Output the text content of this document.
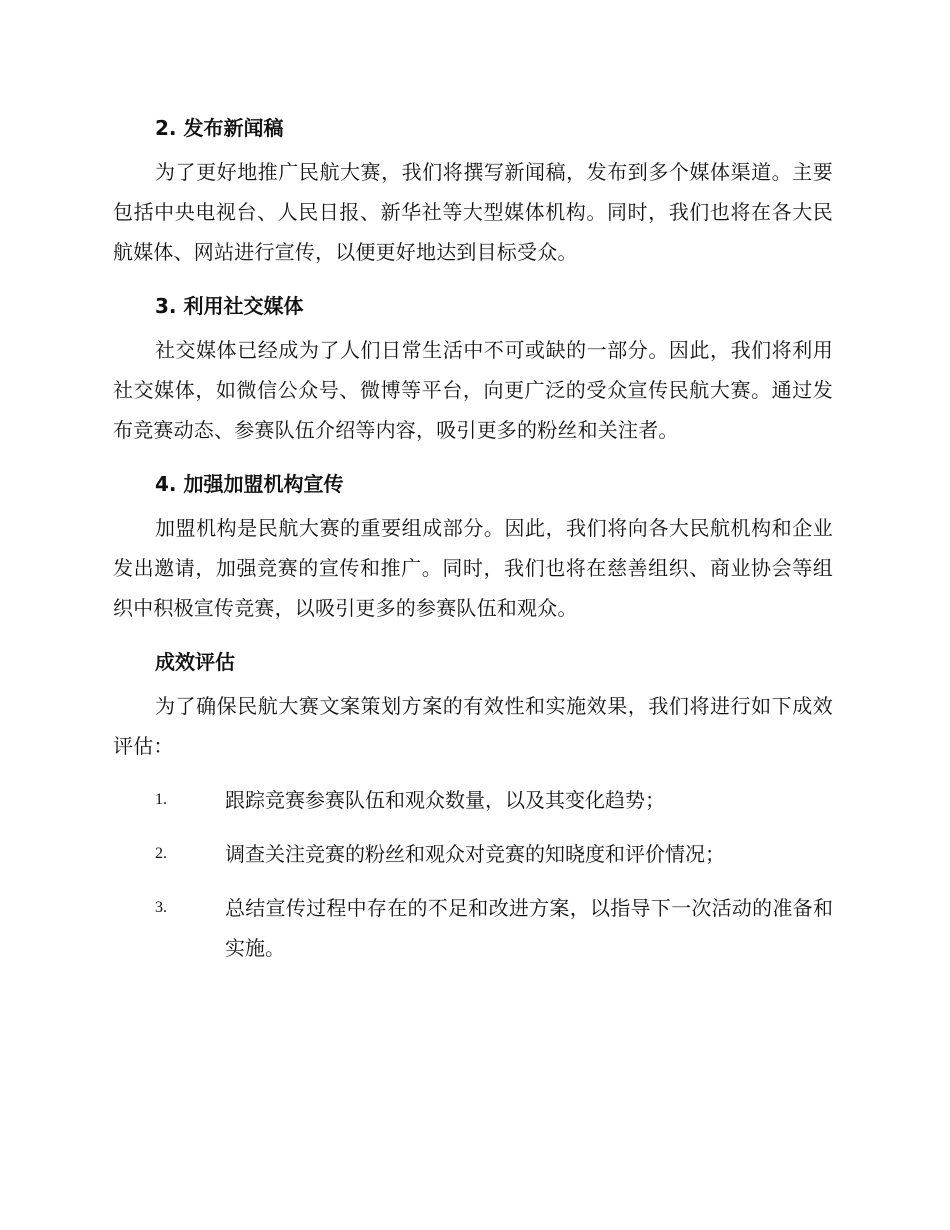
2. 发布新闻稿

为了更好地推广民航大赛，我们将撰写新闻稿，发布到多个媒体渠道。主要包括中央电视台、人民日报、新华社等大型媒体机构。同时，我们也将在各大民航媒体、网站进行宣传，以便更好地达到目标受众。

3. 利用社交媒体

社交媒体已经成为了人们日常生活中不可或缺的一部分。因此，我们将利用社交媒体，如微信公众号、微博等平台，向更广泛的受众宣传民航大赛。通过发布竞赛动态、参赛队伍介绍等内容，吸引更多的粉丝和关注者。

4. 加强加盟机构宣传

加盟机构是民航大赛的重要组成部分。因此，我们将向各大民航机构和企业发出邀请，加强竞赛的宣传和推广。同时，我们也将在慈善组织、商业协会等组织中积极宣传竞赛，以吸引更多的参赛队伍和观众。

成效评估

为了确保民航大赛文案策划方案的有效性和实施效果，我们将进行如下成效评估：

1.	跟踪竞赛参赛队伍和观众数量，以及其变化趋势；
2.	调查关注竞赛的粉丝和观众对竞赛的知晓度和评价情况；
3.	总结宣传过程中存在的不足和改进方案，以指导下一次活动的准备和实施。
